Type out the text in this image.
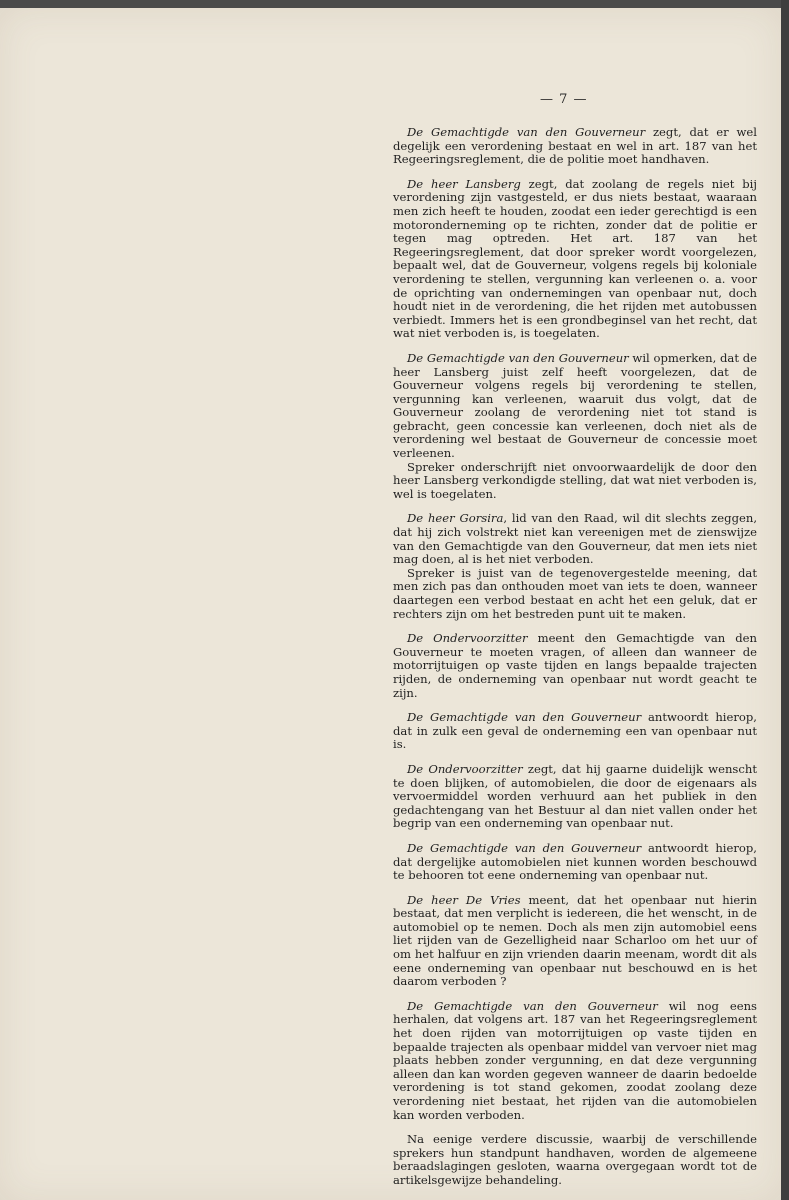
— 7 —

De Gemachtigde van den Gouverneur zegt, dat er wel degelijk een verordening bestaat en wel in art. 187 van het Regeeringsreglement, die de politie moet handhaven.

De heer Lansberg zegt, dat zoolang de regels niet bij verordening zijn vastgesteld, er dus niets bestaat, waaraan men zich heeft te houden, zoodat een ieder gerechtigd is een motoronderneming op te richten, zonder dat de politie er tegen mag optreden. Het art. 187 van het Regeeringsreglement, dat door spreker wordt voorgelezen, bepaalt wel, dat de Gouverneur, volgens regels bij koloniale verordening te stellen, vergunning kan verleenen o. a. voor de oprichting van ondernemingen van openbaar nut, doch houdt niet in de verordening, die het rijden met autobussen verbiedt. Immers het is een grondbeginsel van het recht, dat wat niet verboden is, is toegelaten.

De Gemachtigde van den Gouverneur wil opmerken, dat de heer Lansberg juist zelf heeft voorgelezen, dat de Gouverneur volgens regels bij verordening te stellen, vergunning kan verleenen, waaruit dus volgt, dat de Gouverneur zoolang de verordening niet tot stand is gebracht, geen concessie kan verleenen, doch niet als de verordening wel bestaat de Gouverneur de concessie moet verleenen.

Spreker onderschrijft niet onvoorwaardelijk de door den heer Lansberg verkondigde stelling, dat wat niet verboden is, wel is toegelaten.

De heer Gorsira, lid van den Raad, wil dit slechts zeggen, dat hij zich volstrekt niet kan vereenigen met de zienswijze van den Gemachtigde van den Gouverneur, dat men iets niet mag doen, al is het niet verboden.

Spreker is juist van de tegenovergestelde meening, dat men zich pas dan onthouden moet van iets te doen, wanneer daartegen een verbod bestaat en acht het een geluk, dat er rechters zijn om het bestreden punt uit te maken.

De Ondervoorzitter meent den Gemachtigde van den Gouverneur te moeten vragen, of alleen dan wanneer de motorrijtuigen op vaste tijden en langs bepaalde trajecten rijden, de onderneming van openbaar nut wordt geacht te zijn.

De Gemachtigde van den Gouverneur antwoordt hierop, dat in zulk een geval de onderneming een van openbaar nut is.

De Ondervoorzitter zegt, dat hij gaarne duidelijk wenscht te doen blijken, of automobielen, die door de eigenaars als vervoermiddel worden verhuurd aan het publiek in den gedachtengang van het Bestuur al dan niet vallen onder het begrip van een onderneming van openbaar nut.

De Gemachtigde van den Gouverneur antwoordt hierop, dat dergelijke automobielen niet kunnen worden beschouwd te behooren tot eene onderneming van openbaar nut.

De heer De Vries meent, dat het openbaar nut hierin bestaat, dat men verplicht is iedereen, die het wenscht, in de automobiel op te nemen. Doch als men zijn automobiel eens liet rijden van de Gezelligheid naar Scharloo om het uur of om het halfuur en zijn vrienden daarin meenam, wordt dit als eene onderneming van openbaar nut beschouwd en is het daarom verboden ?

De Gemachtigde van den Gouverneur wil nog eens herhalen, dat volgens art. 187 van het Regeeringsreglement het doen rijden van motorrijtuigen op vaste tijden en bepaalde trajecten als openbaar middel van vervoer niet mag plaats hebben zonder vergunning, en dat deze vergunning alleen dan kan worden gegeven wanneer de daarin bedoelde verordening is tot stand gekomen, zoodat zoolang deze verordening niet bestaat, het rijden van die automobielen kan worden verboden.

Na eenige verdere discussie, waarbij de verschillende sprekers hun standpunt handhaven, worden de algemeene beraadslagingen gesloten, waarna overgegaan wordt tot de artikelsgewijze behandeling.
